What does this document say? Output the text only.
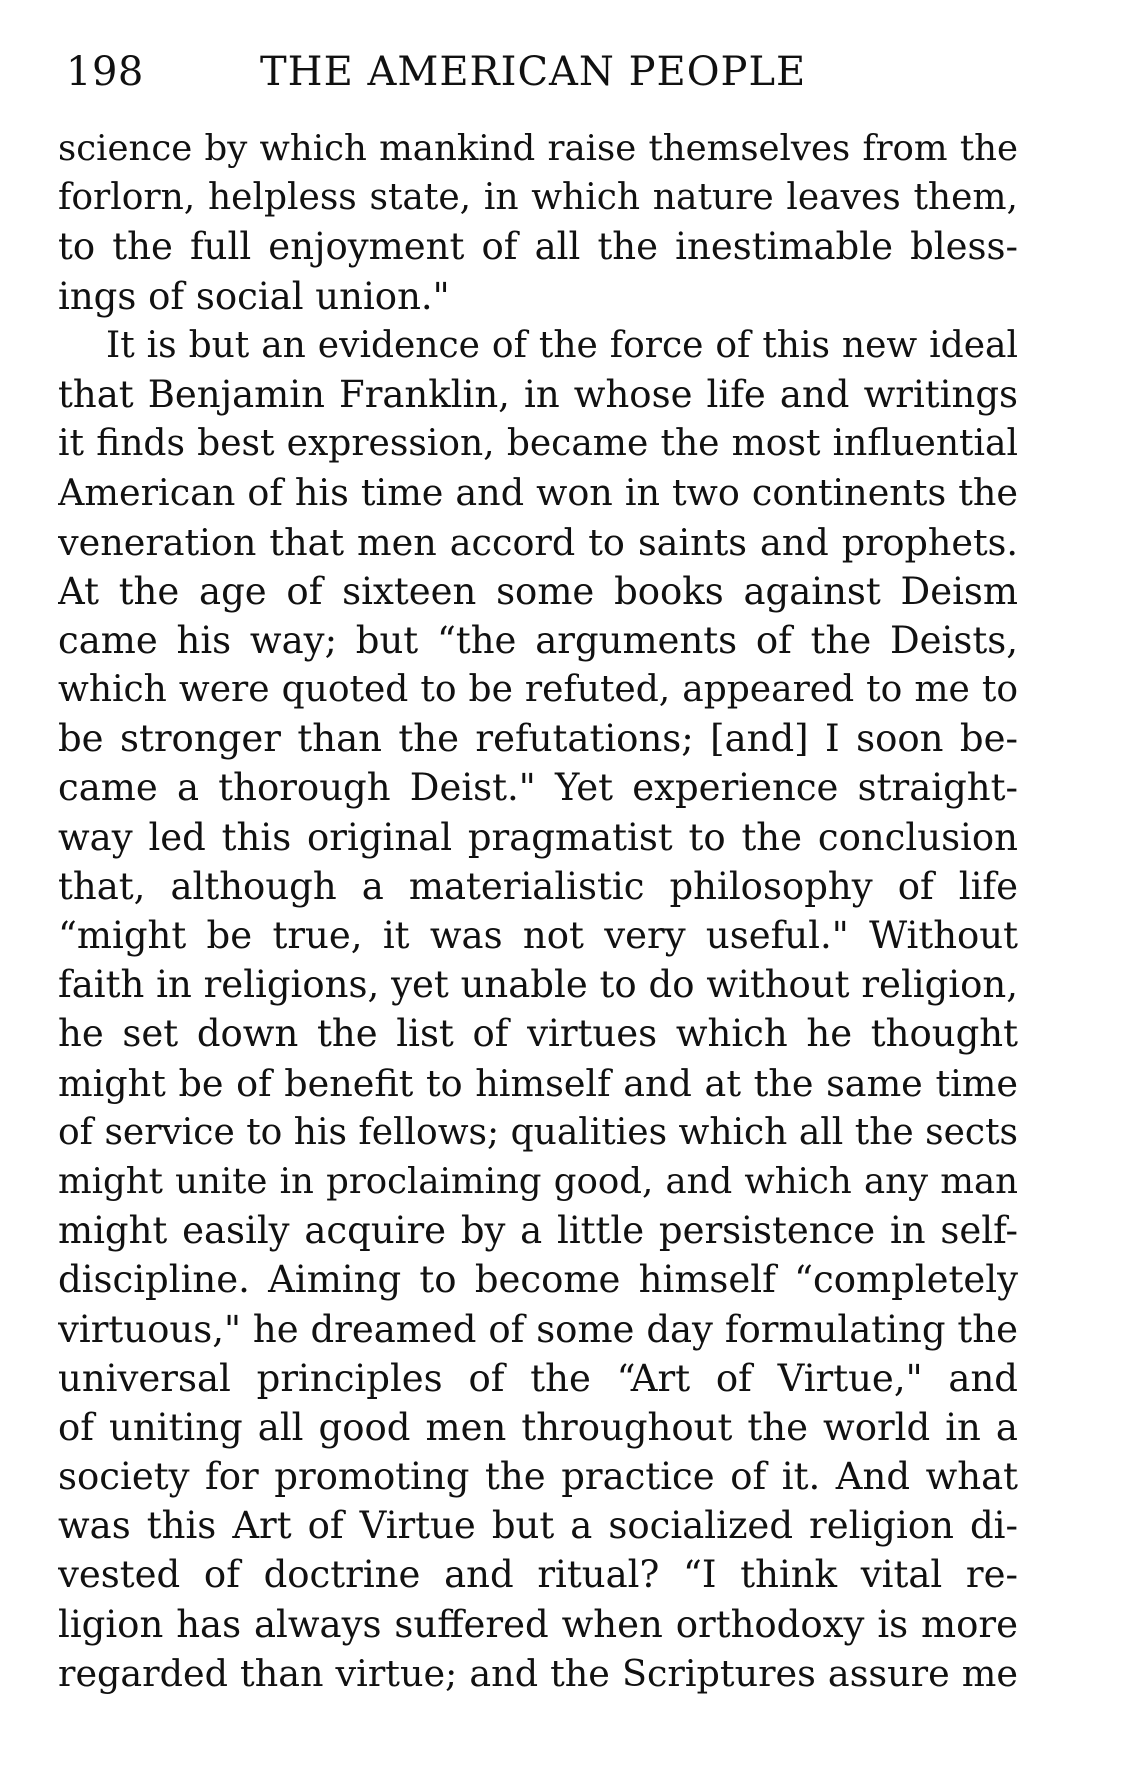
198	THE AMERICAN PEOPLE
science by which mankind raise themselves from the
forlorn, helpless state, in which nature leaves them,
to the full enjoyment of all the inestimable bless-
ings of social union."
It is but an evidence of the force of this new ideal
that Benjamin Franklin, in whose life and writings
it finds best expression, became the most influential
American of his time and won in two continents the
veneration that men accord to saints and prophets.
At the age of sixteen some books against Deism
came his way; but “the arguments of the Deists,
which were quoted to be refuted, appeared to me to
be stronger than the refutations; [and] I soon be-
came a thorough Deist." Yet experience straight-
way led this original pragmatist to the conclusion
that, although a materialistic philosophy of life
“might be true, it was not very useful." Without
faith in religions, yet unable to do without religion,
he set down the list of virtues which he thought
might be of benefit to himself and at the same time
of service to his fellows; qualities which all the sects
might unite in proclaiming good, and which any man
might easily acquire by a little persistence in self-
discipline. Aiming to become himself “completely
virtuous," he dreamed of some day formulating the
universal principles of the “Art of Virtue," and
of uniting all good men throughout the world in a
society for promoting the practice of it. And what
was this Art of Virtue but a socialized religion di-
vested of doctrine and ritual? “I think vital re-
ligion has always suffered when orthodoxy is more
regarded than virtue; and the Scriptures assure me
